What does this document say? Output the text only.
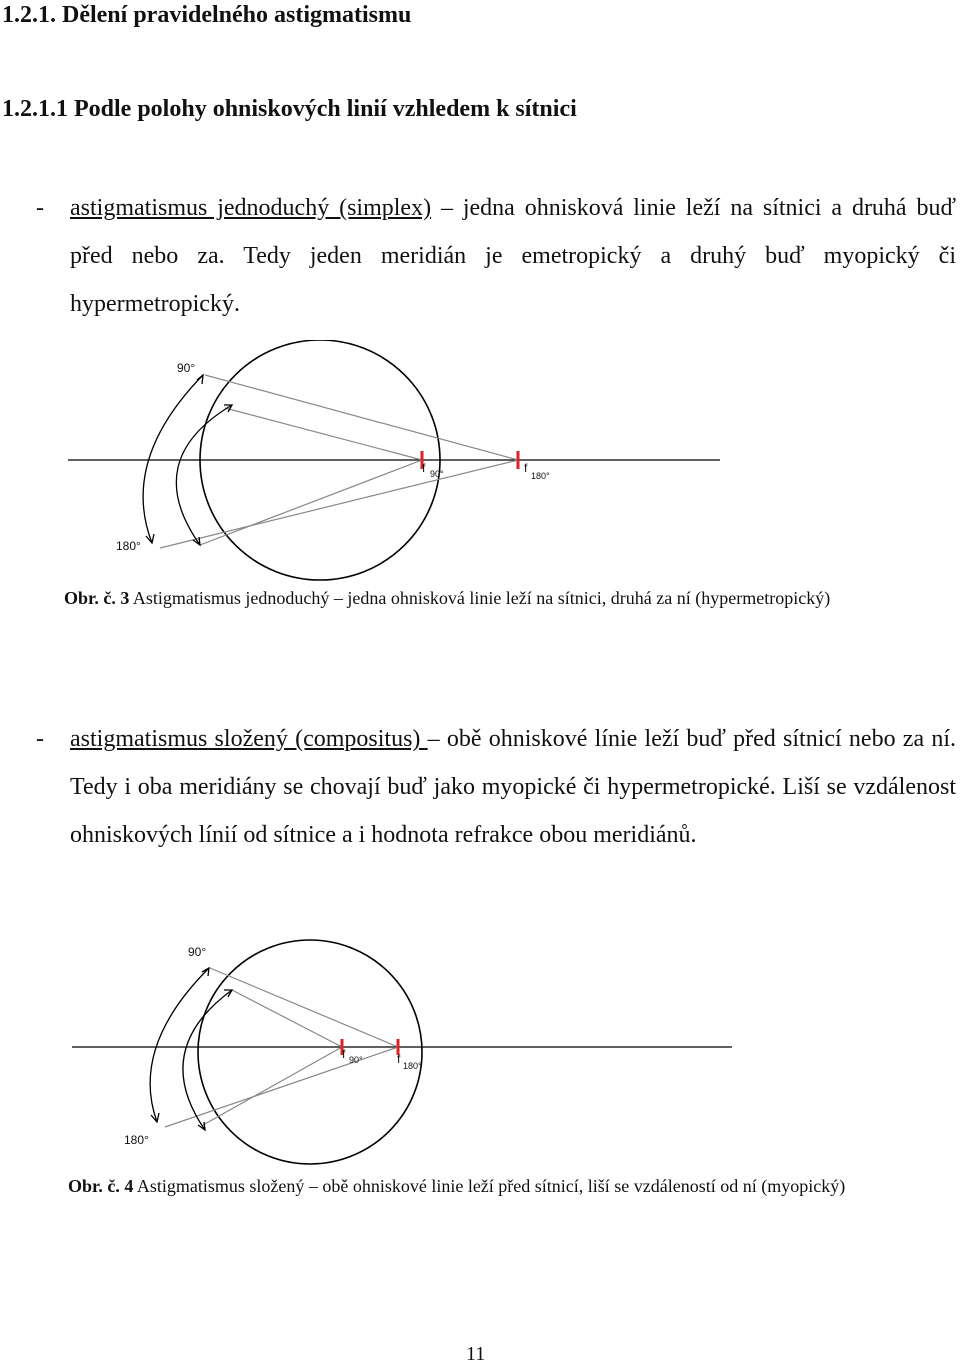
1.2.1. Dělení pravidelného astigmatismu
1.2.1.1 Podle polohy ohniskových linií vzhledem k sítnici
- astigmatismus jednoduchý (simplex) – jedna ohnisková linie leží na sítnici a druhá buď před nebo za. Tedy jeden meridián je emetropický a druhý buď myopický či hypermetropický.
90°
180°
f 90°	f
180°
Obr. č. 3 Astigmatismus jednoduchý – jedna ohnisková linie leží na sítnici, druhá za ní (hypermetropický)
- astigmatismus složený (compositus) – obě ohniskové línie leží buď před sítnicí nebo za ní. Tedy i oba meridiány se chovají buď jako myopické či hypermetropické. Liší se vzdálenost ohniskových línií od sítnice a i hodnota refrakce obou meridiánů.
90°
180°
f 90°	f 180°
Obr. č. 4 Astigmatismus složený – obě ohniskové linie leží před sítnicí, liší se vzdáleností od ní (myopický)
11
